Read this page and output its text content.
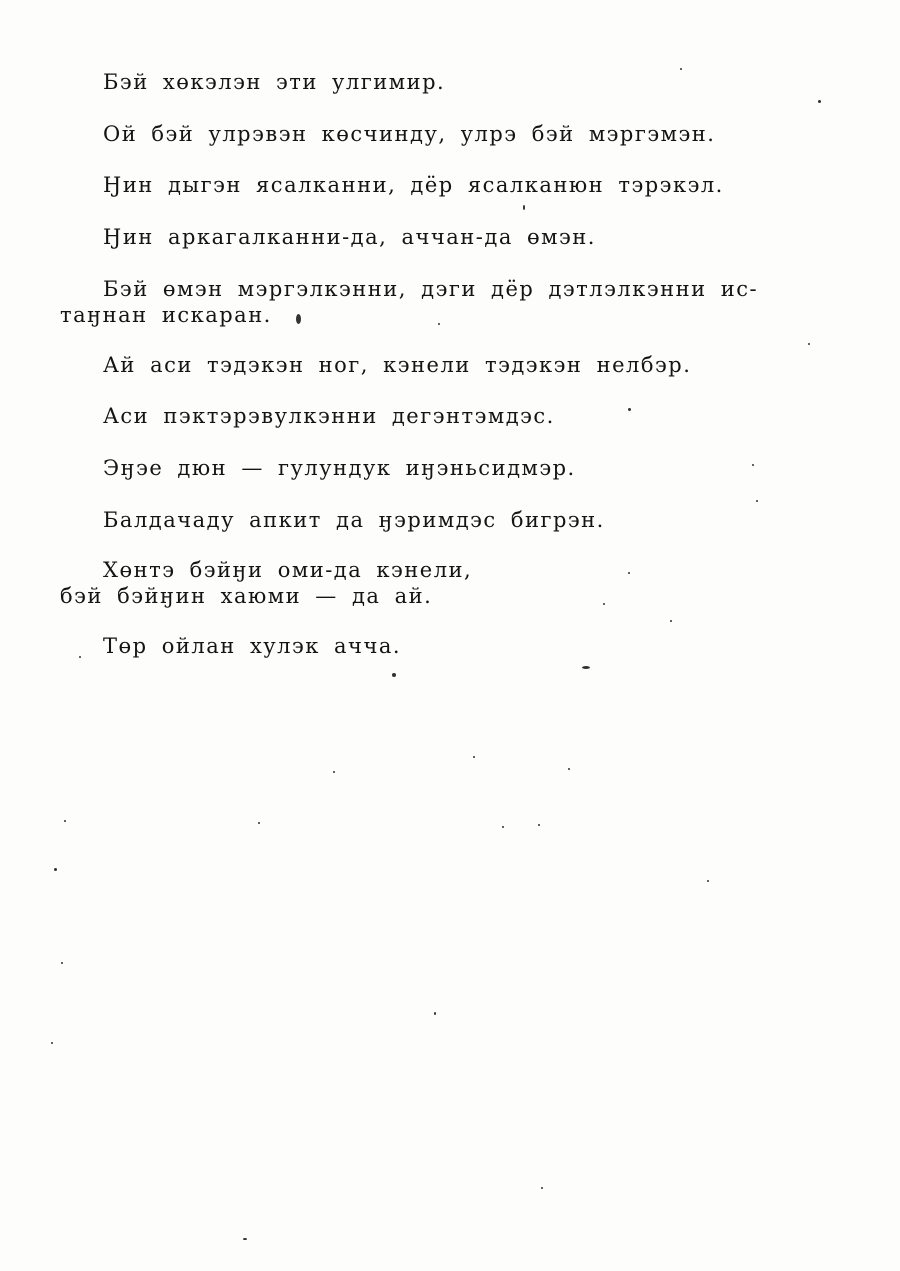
Бэй хөкэлэн эти улгимир.
Ой бэй улрэвэн көсчинду, улрэ бэй мэргэмэн.
Ӈин дыгэн ясалканни, дёр ясалканюн тэрэкэл.
Ӈин аркагалканни-да, аччан-да өмэн.
Бэй өмэн мэргэлкэнни, дэги дёр дэтлэлкэнни ис-
таӈнан искаран.
Ай аси тэдэкэн ног, кэнели тэдэкэн нелбэр.
Аси пэктэрэвулкэнни дегэнтэмдэс.
Эӈэе дюн — гулундук иӈэньсидмэр.
Балдачаду апкит да ӈэримдэс бигрэн.
Хөнтэ бэйӈи оми-да кэнели,
бэй бэйӈин хаюми — да ай.
Төр ойлан хулэк аччa.
